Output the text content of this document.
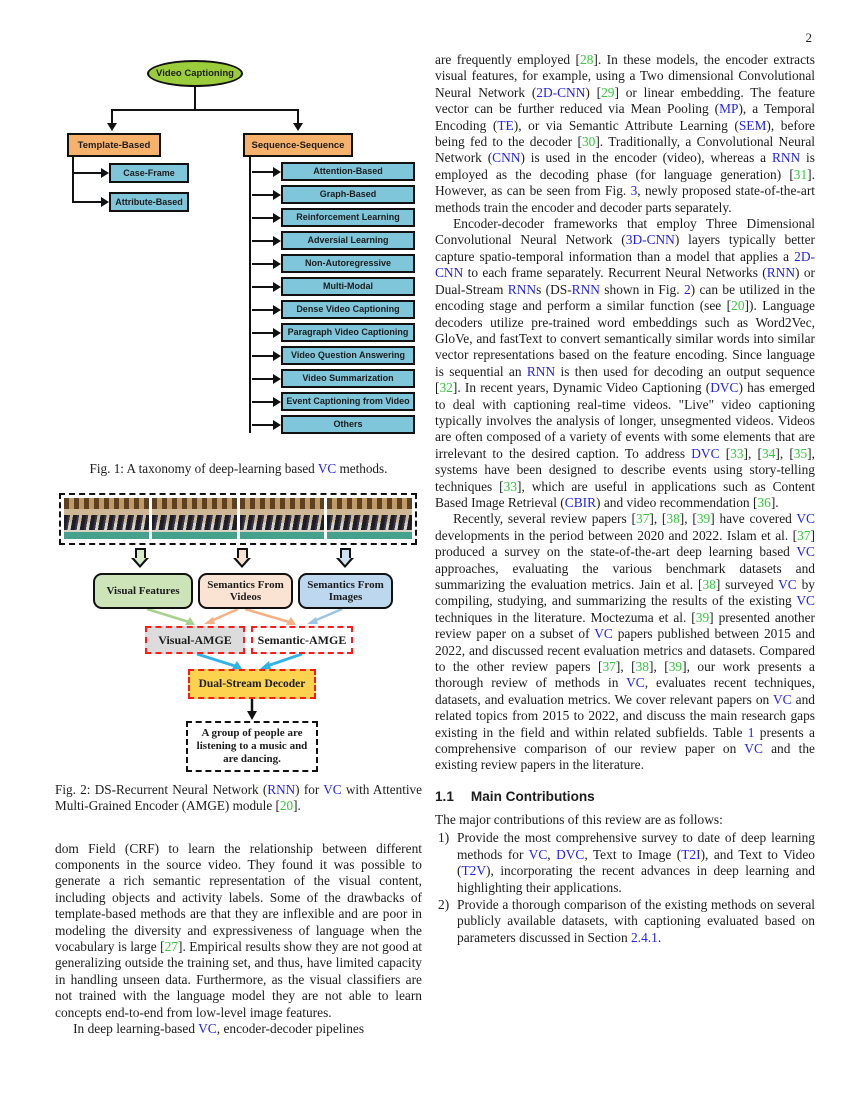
2
Video Captioning
Template-Based	Sequence-Sequence
Case-Frame
Attribute-Based
Attention-Based
Graph-Based
Reinforcement Learning
Adversial Learning
Non-Autoregressive
Multi-Modal
Dense Video Captioning
Paragraph Video Captioning
Video Question Answering
Video Summarization
Event Captioning from Video
Others
Fig. 1: A taxonomy of deep-learning based VC methods.
Visual Features
Semantics From Videos
Semantics From Images
Visual-AMGE	Semantic-AMGE
Dual-Stream Decoder
A group of people are listening to a music and are dancing.
Fig. 2: DS-Recurrent Neural Network (RNN) for VC with Attentive Multi-Grained Encoder (AMGE) module [20].

dom Field (CRF) to learn the relationship between different components in the source video. They found it was possible to generate a rich semantic representation of the visual content, including objects and activity labels. Some of the drawbacks of template-based methods are that they are inflexible and are poor in modeling the diversity and expressiveness of language when the vocabulary is large [27]. Empirical results show they are not good at generalizing outside the training set, and thus, have limited capacity in handling unseen data. Furthermore, as the visual classifiers are not trained with the language model they are not able to learn concepts end-to-end from low-level image features.

In deep learning-based VC, encoder-decoder pipelines

are frequently employed [28]. In these models, the encoder extracts visual features, for example, using a Two dimensional Convolutional Neural Network (2D-CNN) [29] or linear embedding. The feature vector can be further reduced via Mean Pooling (MP), a Temporal Encoding (TE), or via Semantic Attribute Learning (SEM), before being fed to the decoder [30]. Traditionally, a Convolutional Neural Network (CNN) is used in the encoder (video), whereas a RNN is employed as the decoding phase (for language generation) [31]. However, as can be seen from Fig. 3, newly proposed state-of-the-art methods train the encoder and decoder parts separately.

Encoder-decoder frameworks that employ Three Dimensional Convolutional Neural Network (3D-CNN) layers typically better capture spatio-temporal information than a model that applies a 2D-CNN to each frame separately. Recurrent Neural Networks (RNN) or Dual-Stream RNNs (DS-RNN shown in Fig. 2) can be utilized in the encoding stage and perform a similar function (see [20]). Language decoders utilize pre-trained word embeddings such as Word2Vec, GloVe, and fastText to convert semantically similar words into similar vector representations based on the feature encoding. Since language is sequential an RNN is then used for decoding an output sequence [32]. In recent years, Dynamic Video Captioning (DVC) has emerged to deal with captioning real-time videos. "Live" video captioning typically involves the analysis of longer, unsegmented videos. Videos are often composed of a variety of events with some elements that are irrelevant to the desired caption. To address DVC [33], [34], [35], systems have been designed to describe events using story-telling techniques [33], which are useful in applications such as Content Based Image Retrieval (CBIR) and video recommendation [36].

Recently, several review papers [37], [38], [39] have covered VC developments in the period between 2020 and 2022. Islam et al. [37] produced a survey on the state-of-the-art deep learning based VC approaches, evaluating the various benchmark datasets and summarizing the evaluation metrics. Jain et al. [38] surveyed VC by compiling, studying, and summarizing the results of the existing VC techniques in the literature. Moctezuma et al. [39] presented another review paper on a subset of VC papers published between 2015 and 2022, and discussed recent evaluation metrics and datasets. Compared to the other review papers [37], [38], [39], our work presents a thorough review of methods in VC, evaluates recent techniques, datasets, and evaluation metrics. We cover relevant papers on VC and related topics from 2015 to 2022, and discuss the main research gaps existing in the field and within related subfields. Table 1 presents a comprehensive comparison of our review paper on VC and the existing review papers in the literature.

1.1 Main Contributions

The major contributions of this review are as follows:

Provide the most comprehensive survey to date of deep learning methods for VC, DVC, Text to Image (T2I), and Text to Video (T2V), incorporating the recent advances in deep learning and highlighting their applications.
Provide a thorough comparison of the existing methods on several publicly available datasets, with captioning evaluated based on parameters discussed in Section 2.4.1.
